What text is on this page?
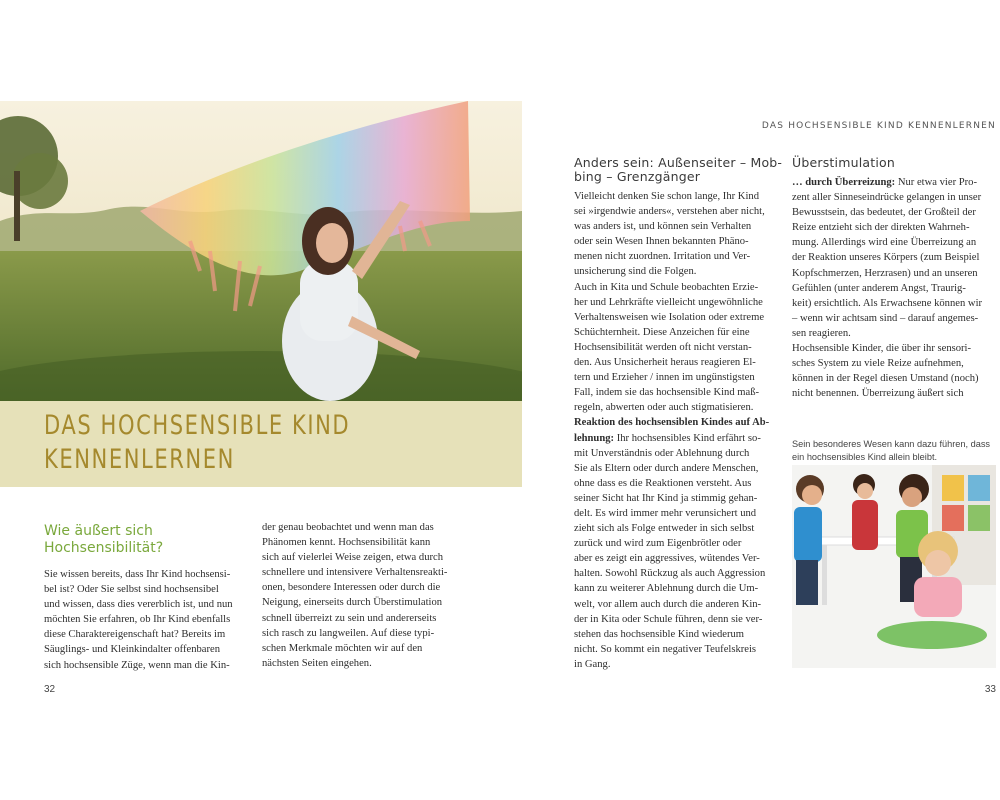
DAS HOCHSENSIBLE KIND
KENNENLERNEN
Wie äußert sich
Hochsensibilität?
Sie wissen bereits, dass Ihr Kind hochsensi-
bel ist? Oder Sie selbst sind hochsensibel
und wissen, dass dies vererblich ist, und nun
möchten Sie erfahren, ob Ihr Kind ebenfalls
diese Charaktereigenschaft hat? Bereits im
Säuglings- und Kleinkindalter offenbaren
sich hochsensible Züge, wenn man die Kin-
der genau beobachtet und wenn man das
Phänomen kennt. Hochsensibilität kann
sich auf vielerlei Weise zeigen, etwa durch
schnellere und intensivere Verhaltensreakti-
onen, besondere Interessen oder durch die
Neigung, einerseits durch Überstimulation
schnell überreizt zu sein und andererseits
sich rasch zu langweilen. Auf diese typi-
schen Merkmale möchten wir auf den
nächsten Seiten eingehen.
32
DAS HOCHSENSIBLE KIND KENNENLERNEN
Anders sein: Außenseiter – Mob-
bing – Grenzgänger
Vielleicht denken Sie schon lange, Ihr Kind
sei »irgendwie anders«, verstehen aber nicht,
was anders ist, und können sein Verhalten
oder sein Wesen Ihnen bekannten Phäno-
menen nicht zuordnen. Irritation und Ver-
unsicherung sind die Folgen.
Auch in Kita und Schule beobachten Erzie-
her und Lehrkräfte vielleicht ungewöhnliche
Verhaltensweisen wie Isolation oder extreme
Schüchternheit. Diese Anzeichen für eine
Hochsensibilität werden oft nicht verstan-
den. Aus Unsicherheit heraus reagieren El-
tern und Erzieher / innen im ungünstigsten
Fall, indem sie das hochsensible Kind maß-
regeln, abwerten oder auch stigmatisieren.
Reaktion des hochsensiblen Kindes auf Ab-
lehnung: Ihr hochsensibles Kind erfährt so-
mit Unverständnis oder Ablehnung durch
Sie als Eltern oder durch andere Menschen,
ohne dass es die Reaktionen versteht. Aus
seiner Sicht hat Ihr Kind ja stimmig gehan-
delt. Es wird immer mehr verunsichert und
zieht sich als Folge entweder in sich selbst
zurück und wird zum Eigenbrötler oder
aber es zeigt ein aggressives, wütendes Ver-
halten. Sowohl Rückzug als auch Aggression
kann zu weiterer Ablehnung durch die Um-
welt, vor allem auch durch die anderen Kin-
der in Kita oder Schule führen, denn sie ver-
stehen das hochsensible Kind wiederum
nicht. So kommt ein negativer Teufelskreis
in Gang.
Überstimulation
… durch Überreizung: Nur etwa vier Pro-
zent aller Sinneseindrücke gelangen in unser
Bewusstsein, das bedeutet, der Großteil der
Reize entzieht sich der direkten Wahrneh-
mung. Allerdings wird eine Überreizung an
der Reaktion unseres Körpers (zum Beispiel
Kopfschmerzen, Herzrasen) und an unseren
Gefühlen (unter anderem Angst, Traurig-
keit) ersichtlich. Als Erwachsene können wir
– wenn wir achtsam sind – darauf angemes-
sen reagieren.
Hochsensible Kinder, die über ihr sensori-
sches System zu viele Reize aufnehmen,
können in der Regel diesen Umstand (noch)
nicht benennen. Überreizung äußert sich
Sein besonderes Wesen kann dazu führen, dass
ein hochsensibles Kind allein bleibt.
33
